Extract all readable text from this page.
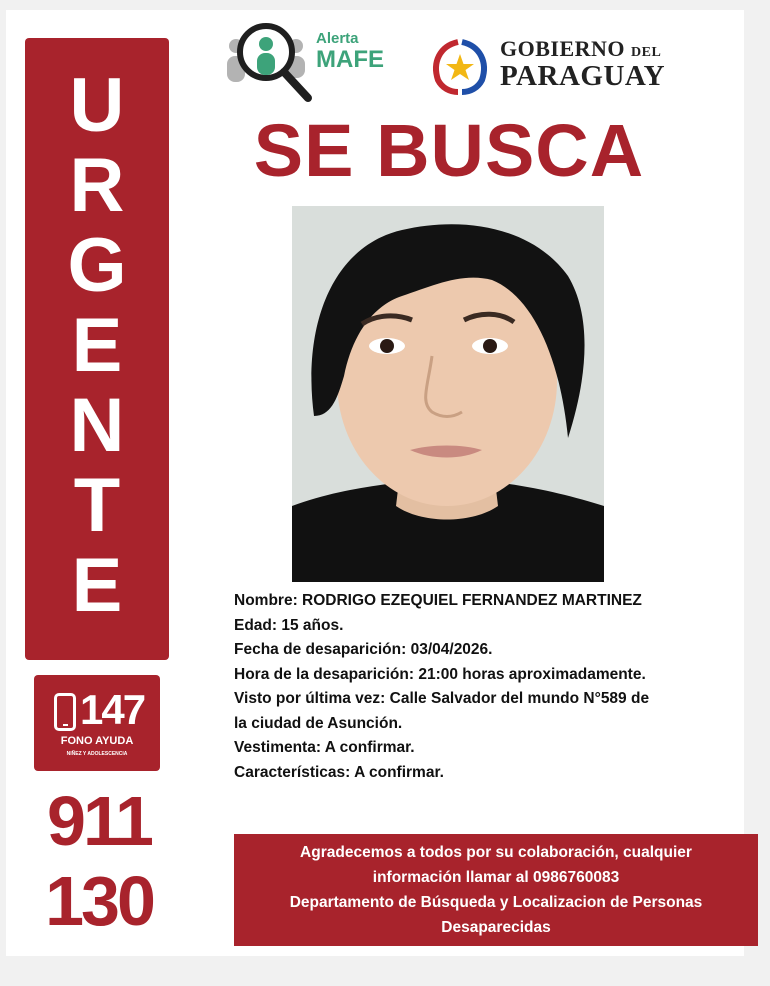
U
R
G
E
N
T
E
147
FONO AYUDA
NIÑEZ Y ADOLESCENCIA
911
130
Alerta
MAFE	GOBIERNO DEL
PARAGUAY
SE BUSCA
Nombre: RODRIGO EZEQUIEL FERNANDEZ MARTINEZ
Edad: 15 años.
Fecha de desaparición: 03/04/2026.
Hora de la desaparición: 21:00 horas aproximadamente.
Visto por última vez: Calle Salvador del mundo N°589 de
la ciudad de Asunción.
Vestimenta: A confirmar.
Características: A confirmar.
Agradecemos a todos por su colaboración, cualquier
información llamar al 0986760083
Departamento de Búsqueda y Localizacion de Personas
Desaparecidas
